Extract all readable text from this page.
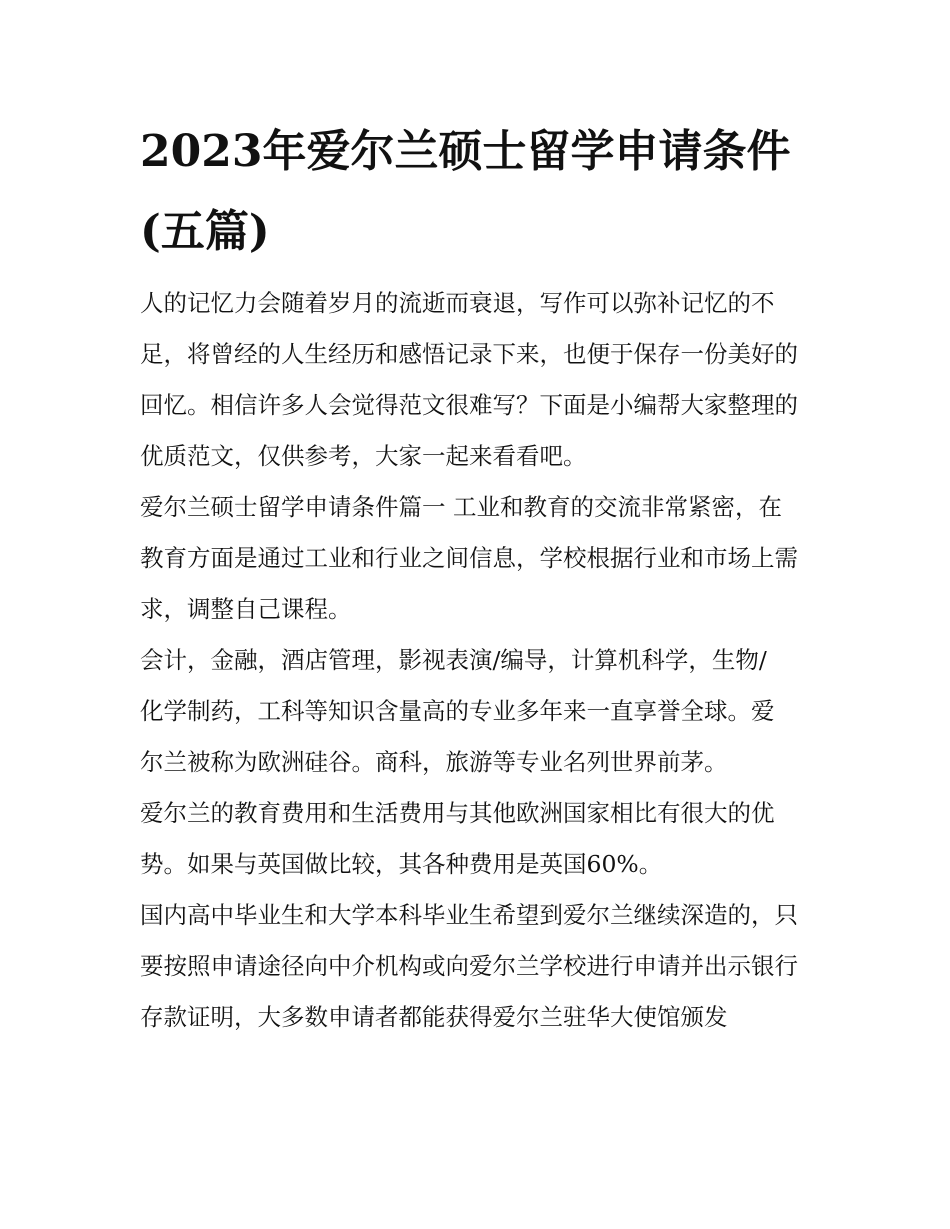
2023年爱尔兰硕士留学申请条件(五篇)

人的记忆力会随着岁月的流逝而衰退，写作可以弥补记忆的不足，将曾经的人生经历和感悟记录下来，也便于保存一份美好的回忆。相信许多人会觉得范文很难写？下面是小编帮大家整理的优质范文，仅供参考，大家一起来看看吧。

爱尔兰硕士留学申请条件篇一 工业和教育的交流非常紧密，在教育方面是通过工业和行业之间信息，学校根据行业和市场上需求，调整自己课程。

会计，金融，酒店管理，影视表演/编导，计算机科学，生物/化学制药，工科等知识含量高的专业多年来一直享誉全球。爱尔兰被称为欧洲硅谷。商科，旅游等专业名列世界前茅。

爱尔兰的教育费用和生活费用与其他欧洲国家相比有很大的优势。如果与英国做比较，其各种费用是英国60%。

国内高中毕业生和大学本科毕业生希望到爱尔兰继续深造的，只要按照申请途径向中介机构或向爱尔兰学校进行申请并出示银行存款证明，大多数申请者都能获得爱尔兰驻华大使馆颁发
